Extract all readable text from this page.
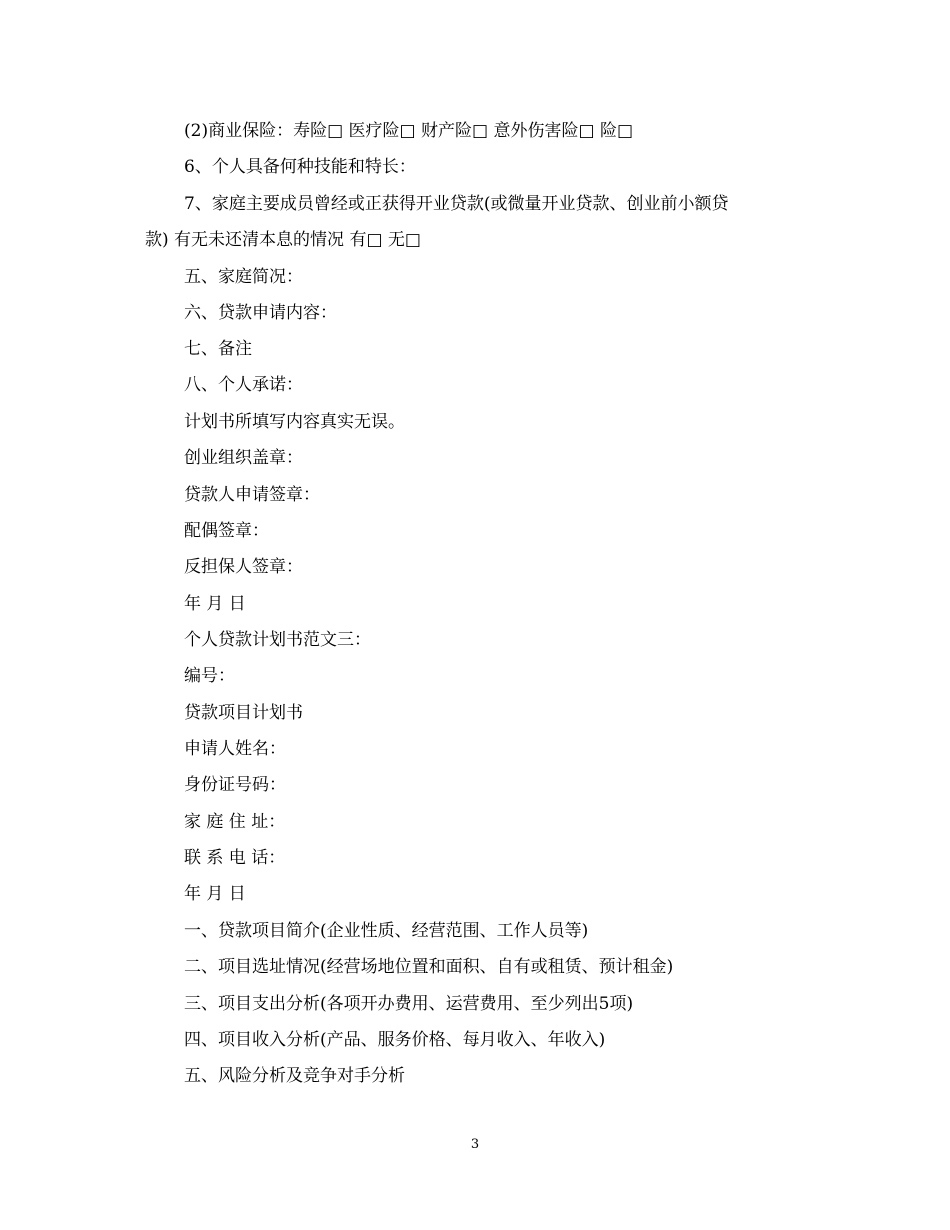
(2)商业保险：寿险□ 医疗险□ 财产险□ 意外伤害险□ 险□
6、个人具备何种技能和特长：
7、家庭主要成员曾经或正获得开业贷款(或微量开业贷款、创业前小额贷
款) 有无未还清本息的情况 有□ 无□
五、家庭简况：
六、贷款申请内容：
七、备注
八、个人承诺：
计划书所填写内容真实无误。
创业组织盖章：
贷款人申请签章：
配偶签章：
反担保人签章：
年 月 日
个人贷款计划书范文三：
编号：
贷款项目计划书
申请人姓名：
身份证号码：
家 庭 住 址：
联 系 电 话：
年 月 日
一、贷款项目简介(企业性质、经营范围、工作人员等)
二、项目选址情况(经营场地位置和面积、自有或租赁、预计租金)
三、项目支出分析(各项开办费用、运营费用、至少列出5项)
四、项目收入分析(产品、服务价格、每月收入、年收入)
五、风险分析及竞争对手分析
3
